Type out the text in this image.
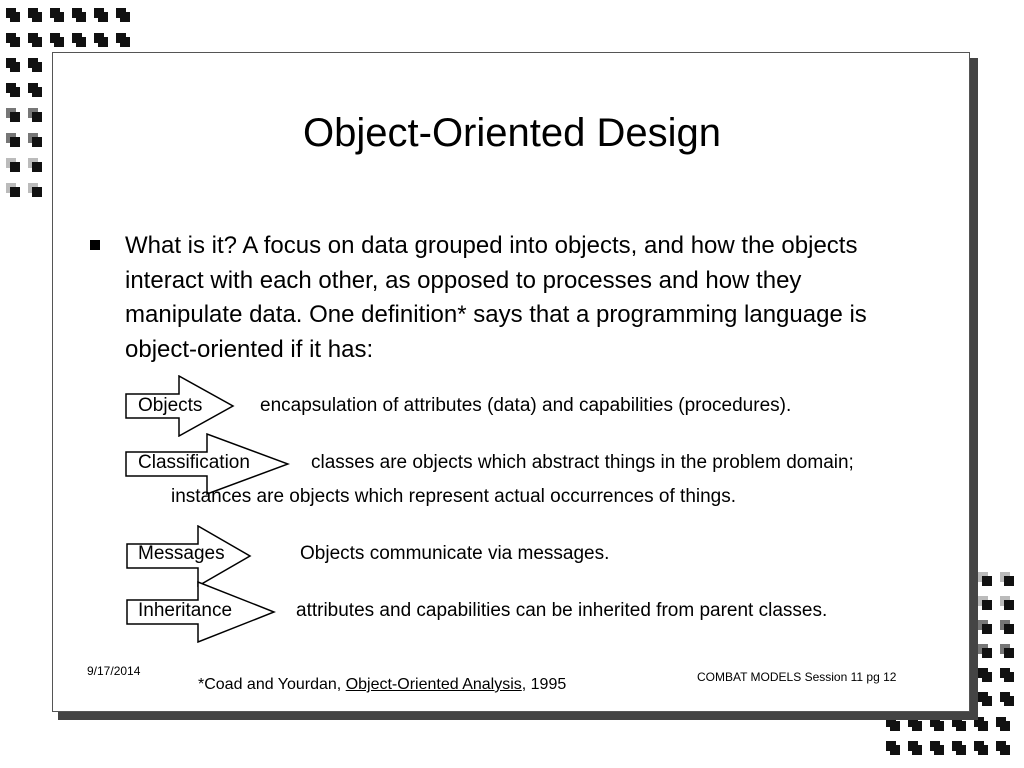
Object-Oriented Design
What is it? A focus on data grouped into objects, and how the objects interact with each other, as opposed to processes and how they manipulate data. One definition* says that a programming language is object-oriented if it has:
Objects	encapsulation of attributes (data) and capabilities (procedures).
Classification	classes are objects which abstract things in the problem domain;
instances are objects which represent actual occurrences of things.
Messages	Objects communicate via messages.
Inheritance	attributes and capabilities can be inherited from parent classes.
9/17/2014
*Coad and Yourdan, Object-Oriented Analysis, 1995	COMBAT MODELS Session 11 pg 12
